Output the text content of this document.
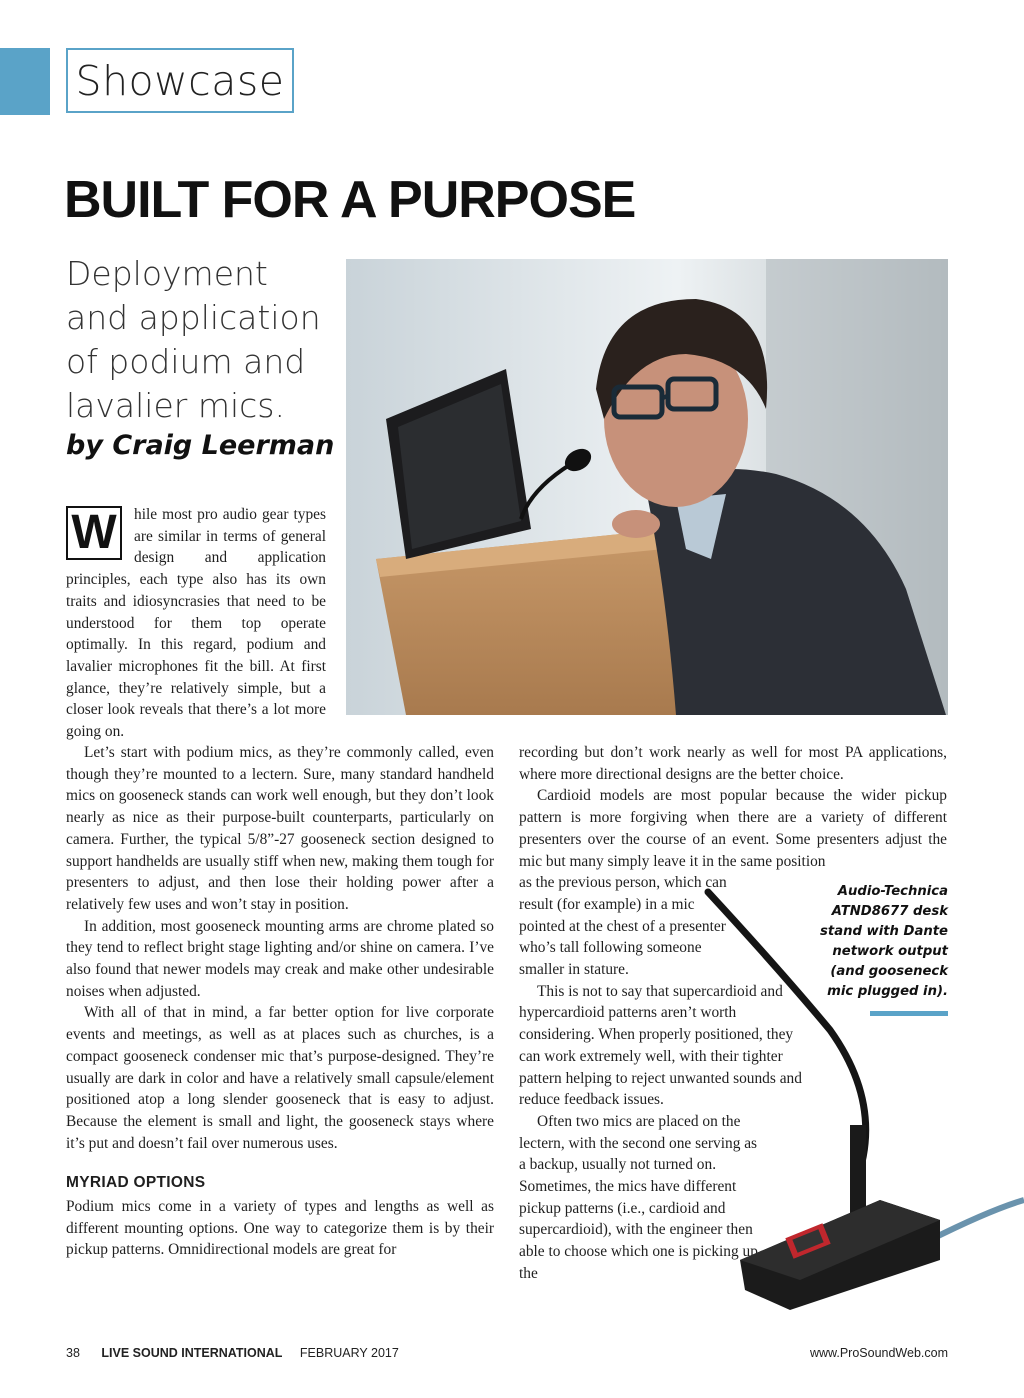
Showcase
BUILT FOR A PURPOSE
Deployment and application of podium and lavalier mics.
by Craig Leerman
W	hile most pro audio gear types are similar in terms of general design and application principles, each type also has its own traits and idiosyncrasies that need to be understood for them top operate optimally. In this regard, podium and lavalier microphones fit the bill. At first glance, they’re relatively simple, but a closer look reveals that there’s a lot more going on.

Let’s start with podium mics, as they’re commonly called, even though they’re mounted to a lectern. Sure, many standard handheld mics on gooseneck stands can work well enough, but they don’t look nearly as nice as their purpose-built counterparts, particularly on camera. Further, the typical 5/8”-27 gooseneck section designed to support handhelds are usually stiff when new, making them tough for presenters to adjust, and then lose their holding power after a relatively few uses and won’t stay in position.

In addition, most gooseneck mounting arms are chrome plated so they tend to reflect bright stage lighting and/or shine on camera. I’ve also found that newer models may creak and make other undesirable noises when adjusted.

With all of that in mind, a far better option for live corporate events and meetings, as well as at places such as churches, is a compact gooseneck condenser mic that’s purpose-designed. They’re usually are dark in color and have a relatively small capsule/element positioned atop a long slender gooseneck that is easy to adjust. Because the element is small and light, the gooseneck stays where it’s put and doesn’t fail over numerous uses.

MYRIAD OPTIONS

Podium mics come in a variety of types and lengths as well as different mounting options. One way to categorize them is by their pickup patterns. Omnidirectional models are great for

recording but don’t work nearly as well for most PA applications, where more directional designs are the better choice.

Cardioid models are most popular because the wider pickup pattern is more forgiving when there are a variety of different presenters over the course of an event. Some presenters adjust the mic but many simply leave it in the same position

as the previous person, which can result (for example) in a mic pointed at the chest of a presenter who’s tall following someone smaller in stature.

This is not to say that supercardioid and hypercardioid patterns aren’t worth considering. When properly positioned, they can work extremely well, with their tighter pattern helping to reject unwanted sounds and reduce feedback issues.

Often two mics are placed on the lectern, with the second one serving as a backup, usually not turned on. Sometimes, the mics have different pickup patterns (i.e., cardioid and supercardioid), with the engineer then able to choose which one is picking up the

Audio-Technica ATND8677 desk stand with Dante network output (and gooseneck mic plugged in).
38 LIVE SOUND INTERNATIONAL FEBRUARY 2017	www.ProSoundWeb.com
